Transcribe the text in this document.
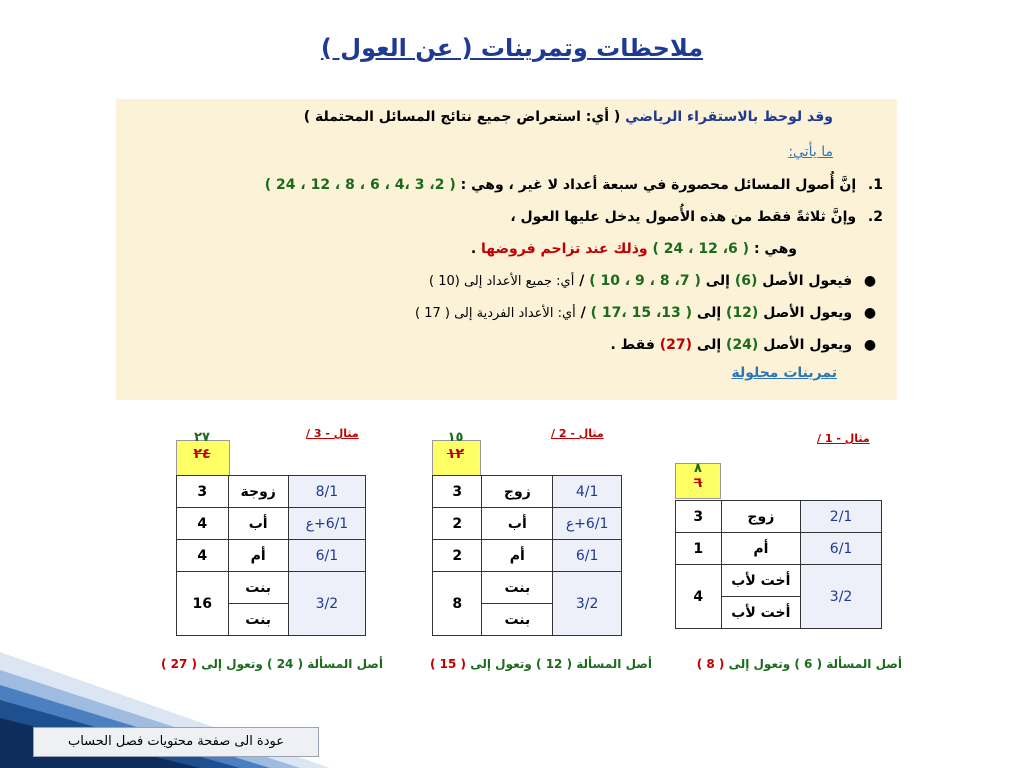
ملاحظات وتمرينات ( عن العول )
وقد لوحظ بالاستقراء الرياضي ( أي: استعراض جميع نتائج المسائل المحتملة )
ما يأتي:
1. إنَّ أُصول المسائل محصورة في سبعة أعداد لا غير ، وهي : ( 2، 3 ،4 ، 6 ، 8 ، 12 ، 24 )
2. وإنَّ ثلاثةً فقط من هذه الأُصول يدخل عليها العول ،
وهي : ( 6، 12 ، 24 ) وذلك عند تزاحم فروضها .
● فيعول الأصل (6) إلى ( 7، 8 ، 9 ، 10 ) / أي: جميع الأعداد إلى (10 )
● ويعول الأصل (12) إلى ( 13، 15 ،17 ) / أي: الأعداد الفردية إلى ( 17 )
● ويعول الأصل (24) إلى (27) فقط .
تمرينات محلولة
مثال - 1 /
٨
٦
2/1	زوج	3
6/1	أم	1
3/2	أخت لأب	4
	أخت لأب	
أصل المسألة ( 6 ) وتعول إلى ( 8 )
مثال - 2 /
١٥
١٢
4/1	زوج	3
6/1+ع	أب	2
6/1	أم	2
3/2	بنت	8
	بنت	
أصل المسألة ( 12 ) وتعول إلى ( 15 )
مثال - 3 /
٢٧
٢٤
8/1	زوجة	3
6/1+ع	أب	4
6/1	أم	4
3/2	بنت	16
	بنت	
أصل المسألة ( 24 ) وتعول إلى ( 27 )
عودة الى صفحة محتويات فصل الحساب
